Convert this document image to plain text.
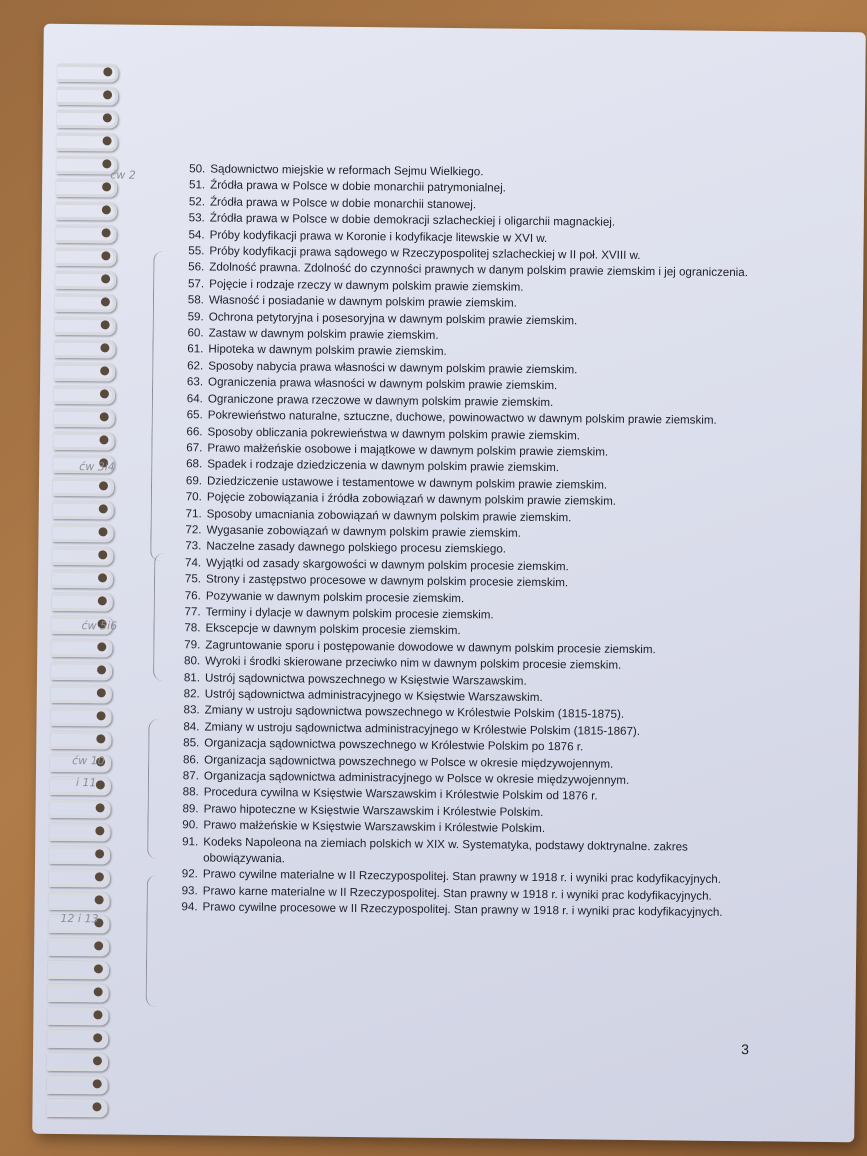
ćw 2
ćw 3i4
ćw 5i6
ćw 10
i 11
12 i 13
50. Sądownictwo miejskie w reformach Sejmu Wielkiego.
51. Źródła prawa w Polsce w dobie monarchii patrymonialnej.
52. Źródła prawa w Polsce w dobie monarchii stanowej.
53. Źródła prawa w Polsce w dobie demokracji szlacheckiej i oligarchii magnackiej.
54. Próby kodyfikacji prawa w Koronie i kodyfikacje litewskie w XVI w.
55. Próby kodyfikacji prawa sądowego w Rzeczypospolitej szlacheckiej w II poł. XVIII w.
56. Zdolność prawna. Zdolność do czynności prawnych w danym polskim prawie ziemskim i jej ograniczenia.
57. Pojęcie i rodzaje rzeczy w dawnym polskim prawie ziemskim.
58. Własność i posiadanie w dawnym polskim prawie ziemskim.
59. Ochrona petytoryjna i posesoryjna w dawnym polskim prawie ziemskim.
60. Zastaw w dawnym polskim prawie ziemskim.
61. Hipoteka w dawnym polskim prawie ziemskim.
62. Sposoby nabycia prawa własności w dawnym polskim prawie ziemskim.
63. Ograniczenia prawa własności w dawnym polskim prawie ziemskim.
64. Ograniczone prawa rzeczowe w dawnym polskim prawie ziemskim.
65. Pokrewieństwo naturalne, sztuczne, duchowe, powinowactwo w dawnym polskim prawie ziemskim.
66. Sposoby obliczania pokrewieństwa w dawnym polskim prawie ziemskim.
67. Prawo małżeńskie osobowe i majątkowe w dawnym polskim prawie ziemskim.
68. Spadek i rodzaje dziedziczenia w dawnym polskim prawie ziemskim.
69. Dziedziczenie ustawowe i testamentowe w dawnym polskim prawie ziemskim.
70. Pojęcie zobowiązania i źródła zobowiązań w dawnym polskim prawie ziemskim.
71. Sposoby umacniania zobowiązań w dawnym polskim prawie ziemskim.
72. Wygasanie zobowiązań w dawnym polskim prawie ziemskim.
73. Naczelne zasady dawnego polskiego procesu ziemskiego.
74. Wyjątki od zasady skargowości w dawnym polskim procesie ziemskim.
75. Strony i zastępstwo procesowe w dawnym polskim procesie ziemskim.
76. Pozywanie w dawnym polskim procesie ziemskim.
77. Terminy i dylacje w dawnym polskim procesie ziemskim.
78. Ekscepcje w dawnym polskim procesie ziemskim.
79. Zagruntowanie sporu i postępowanie dowodowe w dawnym polskim procesie ziemskim.
80. Wyroki i środki skierowane przeciwko nim w dawnym polskim procesie ziemskim.
81. Ustrój sądownictwa powszechnego w Księstwie Warszawskim.
82. Ustrój sądownictwa administracyjnego w Księstwie Warszawskim.
83. Zmiany w ustroju sądownictwa powszechnego w Królestwie Polskim (1815-1875).
84. Zmiany w ustroju sądownictwa administracyjnego w Królestwie Polskim (1815-1867).
85. Organizacja sądownictwa powszechnego w Królestwie Polskim po 1876 r.
86. Organizacja sądownictwa powszechnego w Polsce w okresie międzywojennym.
87. Organizacja sądownictwa administracyjnego w Polsce w okresie międzywojennym.
88. Procedura cywilna w Księstwie Warszawskim i Królestwie Polskim od 1876 r.
89. Prawo hipoteczne w Księstwie Warszawskim i Królestwie Polskim.
90. Prawo małżeńskie w Księstwie Warszawskim i Królestwie Polskim.
91. Kodeks Napoleona na ziemiach polskich w XIX w. Systematyka, podstawy doktrynalne. zakres obowiązywania.
92. Prawo cywilne materialne w II Rzeczypospolitej. Stan prawny w 1918 r. i wyniki prac kodyfikacyjnych.
93. Prawo karne materialne w II Rzeczypospolitej. Stan prawny w 1918 r. i wyniki prac kodyfikacyjnych.
94. Prawo cywilne procesowe w II Rzeczypospolitej. Stan prawny w 1918 r. i wyniki prac kodyfikacyjnych.
3
